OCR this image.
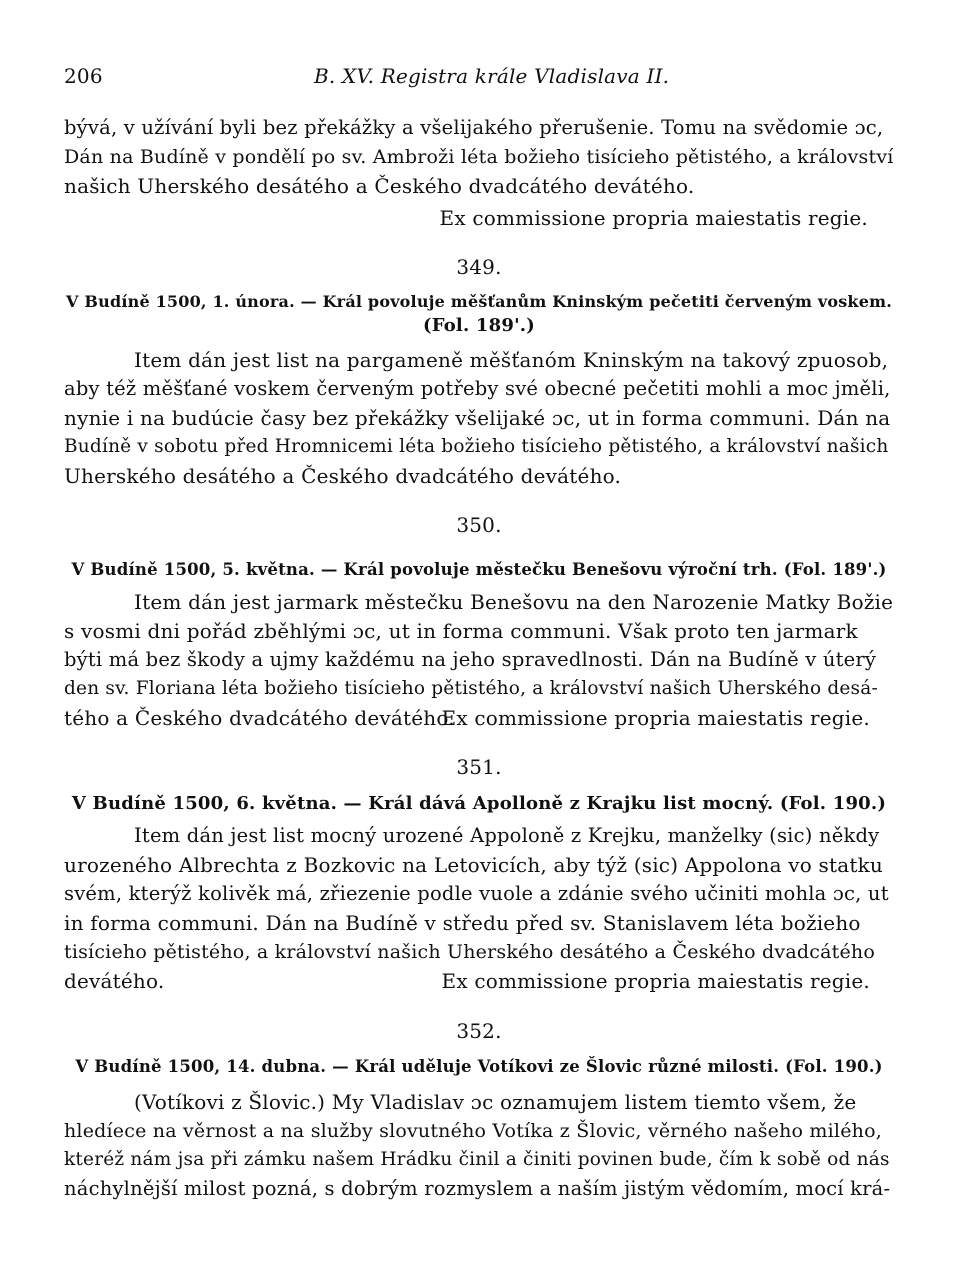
206	B. XV. Registra krále Vladislava II.
bývá, v užívání byli bez překážky a všelijakého přerušenie. Tomu na svědomie ɔc,
Dán na Budíně v pondělí po sv. Ambroži léta božieho tisícieho pětistého, a království
našich Uherského desátého a Českého dvadcátého devátého.
Ex commissione propria maiestatis regie.
349.
V Budíně 1500, 1. února. — Král povoluje měšťanům Kninským pečetiti červeným voskem.
(Fol. 189'.)
Item dán jest list na pargameně měšťanóm Kninským na takový zpuosob,
aby též měšťané voskem červeným potřeby své obecné pečetiti mohli a moc jměli,
nynie i na budúcie časy bez překážky všelijaké ɔc, ut in forma communi. Dán na
Budíně v sobotu před Hromnicemi léta božieho tisícieho pětistého, a království našich
Uherského desátého a Českého dvadcátého devátého.
350.
V Budíně 1500, 5. května. — Král povoluje městečku Benešovu výroční trh. (Fol. 189'.)
Item dán jest jarmark městečku Benešovu na den Narozenie Matky Božie
s vosmi dni pořád zběhlými ɔc, ut in forma communi. Však proto ten jarmark
býti má bez škody a ujmy každému na jeho spravedlnosti. Dán na Budíně v úterý
den sv. Floriana léta božieho tisícieho pětistého, a království našich Uherského desá-
tého a Českého dvadcátého devátého.
Ex commissione propria maiestatis regie.
351.
V Budíně 1500, 6. května. — Král dává Apolloně z Krajku list mocný. (Fol. 190.)
Item dán jest list mocný urozené Appoloně z Krejku, manželky (sic) někdy
urozeného Albrechta z Bozkovic na Letovicích, aby týž (sic) Appolona vo statku
svém, kterýž kolivěk má, zřiezenie podle vuole a zdánie svého učiniti mohla ɔc, ut
in forma communi. Dán na Budíně v středu před sv. Stanislavem léta božieho
tisícieho pětistého, a království našich Uherského desátého a Českého dvadcátého
devátého.	Ex commissione propria maiestatis regie.
352.
V Budíně 1500, 14. dubna. — Král uděluje Votíkovi ze Šlovic různé milosti. (Fol. 190.)
(Votíkovi z Šlovic.) My Vladislav ɔc oznamujem listem tiemto všem, že
hledíece na věrnost a na služby slovutného Votíka z Šlovic, věrného našeho milého,
kteréž nám jsa při zámku našem Hrádku činil a činiti povinen bude, čím k sobě od nás
náchylnější milost pozná, s dobrým rozmyslem a naším jistým vědomím, mocí krá-
